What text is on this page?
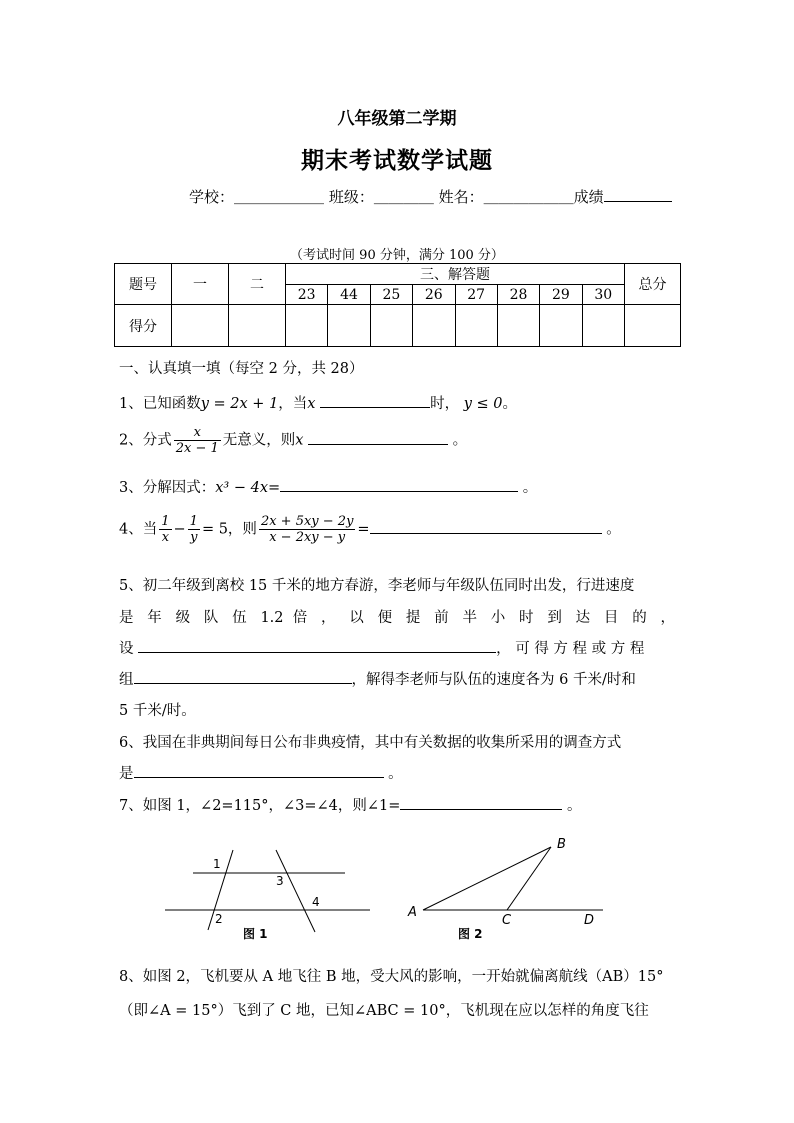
八年级第二学期
期末考试数学试题
学校：＿＿＿＿＿＿ 班级：＿＿＿＿ 姓名：＿＿＿＿＿＿成绩
（考试时间 90 分钟，满分 100 分）
题号	一	二	三、解答题								总分
			23	44	25	26	27	28	29	30	
得分											
一、认真填一填（每空 2 分，共 28）
1、已知函数y = 2x + 1，当x	时， y ≤ 0。
2、分式 $\frac{x}{2x - 1}$ 无意义，则x	。
3、分解因式：x³ − 4x=	。
4、当 $\frac{1}{x} - \frac{1}{y} = 5$，则 $\frac{2x + 5xy - 2y}{x - 2xy - y}$ =	。
5、初二年级到离校 15 千米的地方春游，李老师与年级队伍同时出发，行进速度
是 年 级 队 伍 1.2 倍 ， 以 便 提 前 半 小 时 到 达 目 的 ，
设	， 可 得 方 程 或 方 程
组	，解得李老师与队伍的速度各为 6 千米/时和
5 千米/时。
6、我国在非典期间每日公布非典疫情，其中有关数据的收集所采用的调查方式
是	。
7、如图 1，∠2=115°，∠3=∠4，则∠1=	。
1
2
3
4
图 1
A
B
C	D
图 2
8、如图 2，飞机要从 A 地飞往 B 地，受大风的影响，一开始就偏离航线（AB）15°
（即∠A = 15°）飞到了 C 地，已知∠ABC = 10°，飞机现在应以怎样的角度飞往
